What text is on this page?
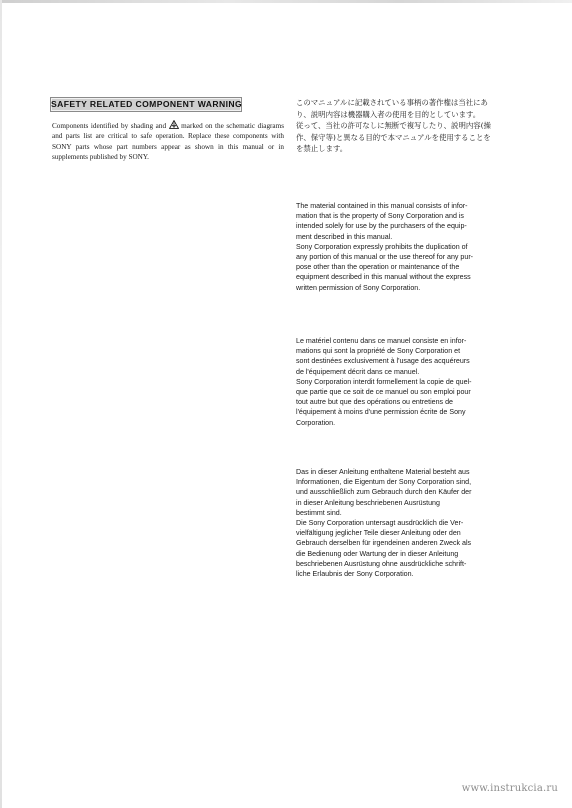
SAFETY RELATED COMPONENT WARNING
Components identified by shading and marked on the schematic diagrams and parts list are critical to safe operation. Replace these components with SONY parts whose part numbers appear as shown in this manual or in supplements published by SONY.
このマニュアルに記載されている事柄の著作権は当社にあ
り、説明内容は機器購入者の使用を目的としています。
従って、当社の許可なしに無断で複写したり、説明内容(操
作、保守等)と異なる目的で本マニュアルを使用することを
を禁止します。
The material contained in this manual consists of infor-
mation that is the property of Sony Corporation and is
intended solely for use by the purchasers of the equip-
ment described in this manual.
Sony Corporation expressly prohibits the duplication of
any portion of this manual or the use thereof for any pur-
pose other than the operation or maintenance of the
equipment described in this manual without the express
written permission of Sony Corporation.
Le matériel contenu dans ce manuel consiste en infor-
mations qui sont la propriété de Sony Corporation et
sont destinées exclusivement à l'usage des acquéreurs
de l'équipement décrit dans ce manuel.
Sony Corporation interdit formellement la copie de quel-
que partie que ce soit de ce manuel ou son emploi pour
tout autre but que des opérations ou entretiens de
l'équipement à moins d'une permission écrite de Sony
Corporation.
Das in dieser Anleitung enthaltene Material besteht aus
Informationen, die Eigentum der Sony Corporation sind,
und ausschließlich zum Gebrauch durch den Käufer der
in dieser Anleitung beschriebenen Ausrüstung
bestimmt sind.
Die Sony Corporation untersagt ausdrücklich die Ver-
vielfältigung jeglicher Teile dieser Anleitung oder den
Gebrauch derselben für irgendeinen anderen Zweck als
die Bedienung oder Wartung der in dieser Anleitung
beschriebenen Ausrüstung ohne ausdrückliche schrift-
liche Erlaubnis der Sony Corporation.
www.instrukcia.ru
